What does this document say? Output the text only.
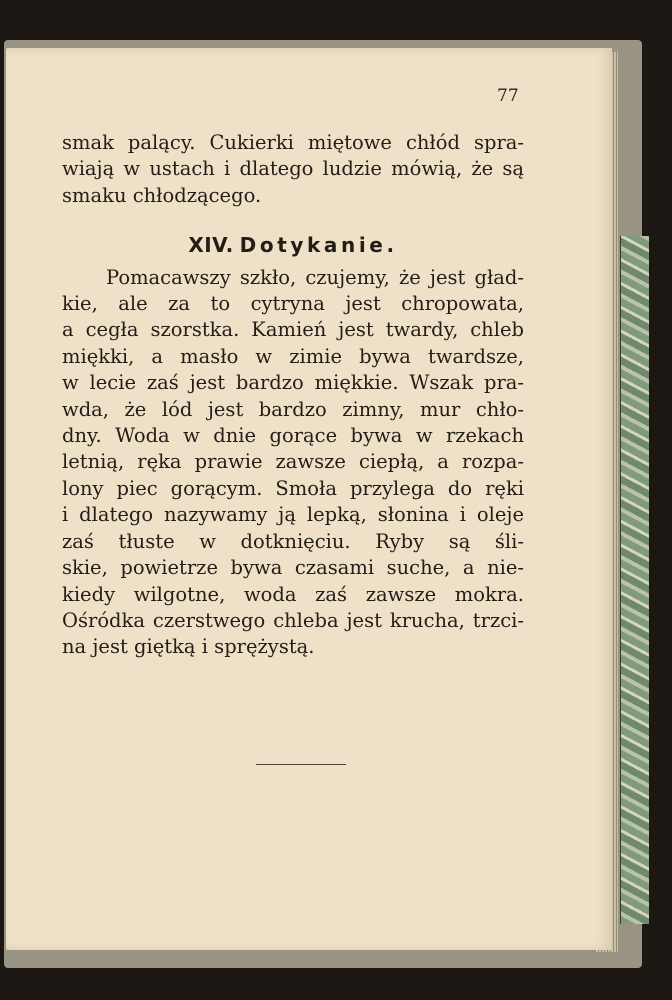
77
smak palący. Cukierki miętowe chłód spra-
wiają w ustach i dlatego ludzie mówią, że są
smaku chłodzącego.
XIV. Dotykanie.
Pomacawszy szkło, czujemy, że jest gład-
kie, ale za to cytryna jest chropowata,
a cegła szorstka. Kamień jest twardy, chleb
miękki, a masło w zimie bywa twardsze,
w lecie zaś jest bardzo miękkie. Wszak pra-
wda, że lód jest bardzo zimny, mur chło-
dny. Woda w dnie gorące bywa w rzekach
letnią, ręka prawie zawsze ciepłą, a rozpa-
lony piec gorącym. Smoła przylega do ręki
i dlatego nazywamy ją lepką, słonina i oleje
zaś tłuste w dotknięciu. Ryby są śli-
skie, powietrze bywa czasami suche, a nie-
kiedy wilgotne, woda zaś zawsze mokra.
Ośródka czerstwego chleba jest krucha, trzci-
na jest giętką i sprężystą.
